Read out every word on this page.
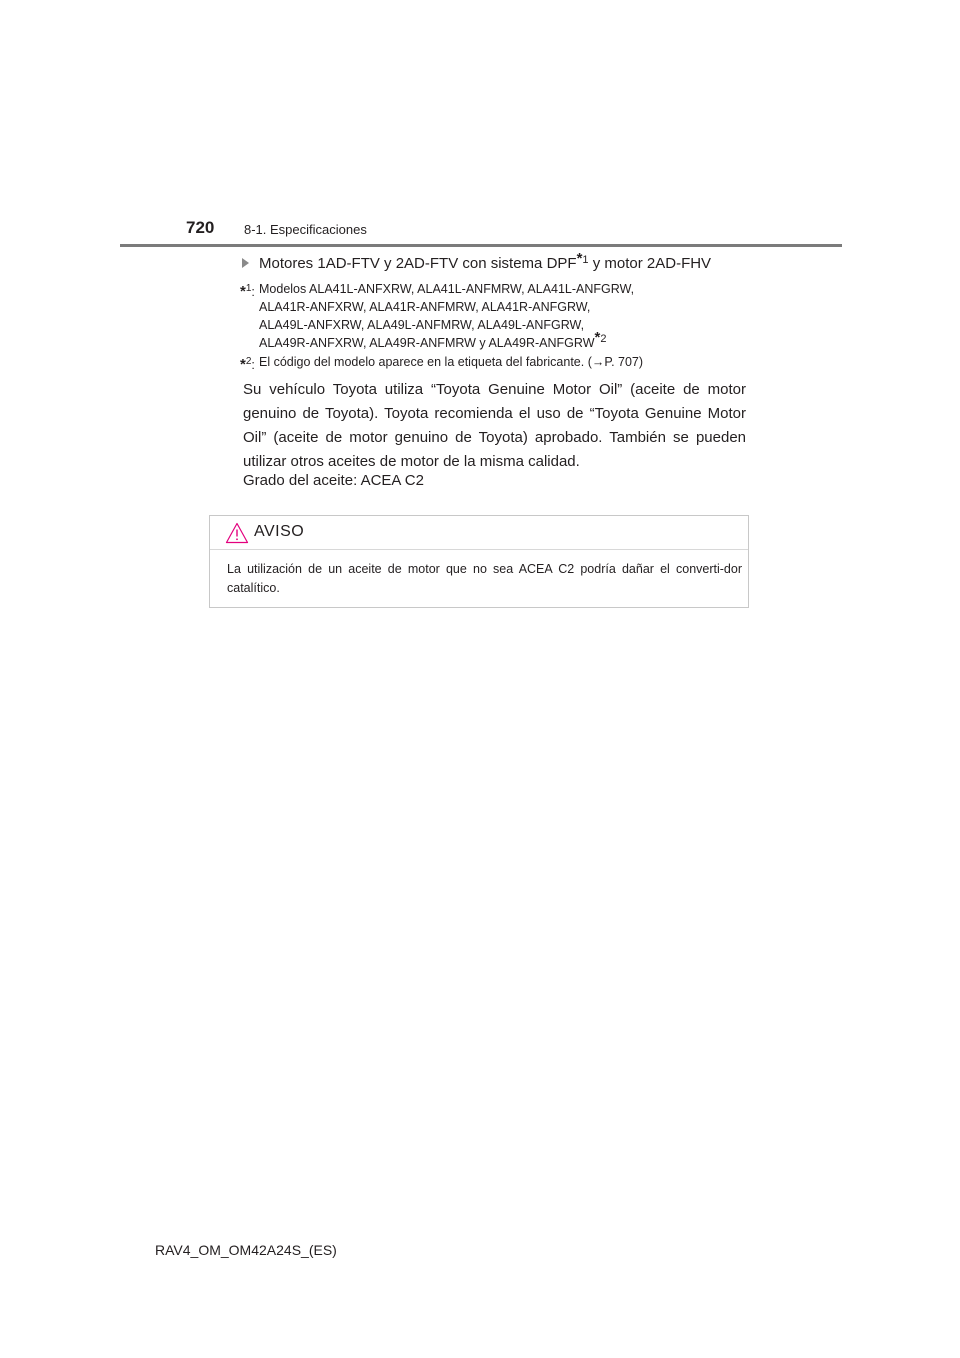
720 8-1. Especificaciones
Motores 1AD-FTV y 2AD-FTV con sistema DPF$^{*1}$ y motor 2AD-FHV
*$^1$: Modelos ALA41L-ANFXRW, ALA41L-ANFMRW, ALA41L-ANFGRW,
ALA41R-ANFXRW, ALA41R-ANFMRW, ALA41R-ANFGRW,
ALA49L-ANFXRW, ALA49L-ANFMRW, ALA49L-ANFGRW,
ALA49R-ANFXRW, ALA49R-ANFMRW y ALA49R-ANFGRW$^{*2}$
*$^2$: El código del modelo aparece en la etiqueta del fabricante. (→P. 707)
Su vehículo Toyota utiliza “Toyota Genuine Motor Oil” (aceite de motor genuino de Toyota). Toyota recomienda el uso de “Toyota Genuine Motor Oil” (aceite de motor genuino de Toyota) aprobado. También se pueden utilizar otros aceites de motor de la misma calidad.
Grado del aceite: ACEA C2
AVISO
La utilización de un aceite de motor que no sea ACEA C2 podría dañar el converti-dor catalítico.
RAV4_OM_OM42A24S_(ES)
